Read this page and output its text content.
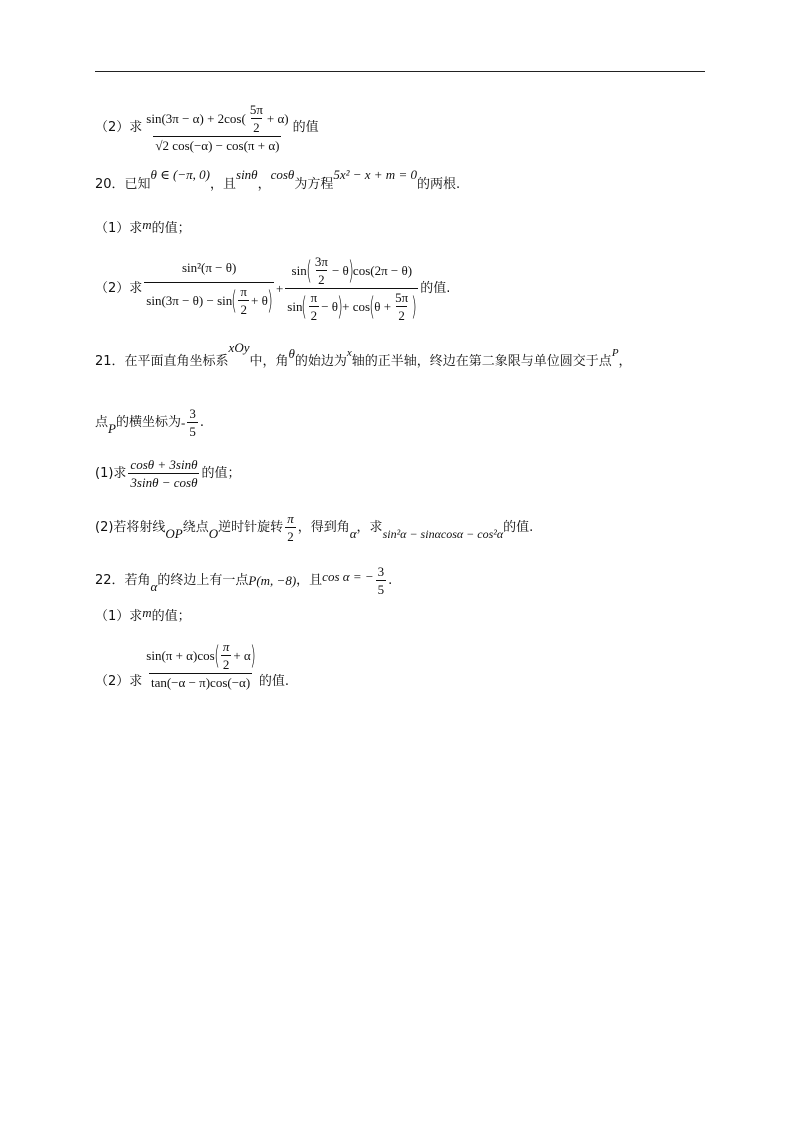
（2）求
$\sin(3\pi - \alpha) + 2\cos( \frac{5\pi}{2} + \alpha)$
√2 cos(−α) − cos(π + α)
的值
20．已知
θ ∈ (−π, 0)
，且
sinθ
，
cosθ
为方程
5x² − x + m = 0
的两根.
（1）求 m 的值；
（2）求
sin²(π − θ)
sin(3π − θ) − sin ( $\frac{\pi}{2} + \theta$ ) +
sin ( $\frac{3\pi}{2} - \theta$ ) cos(2π − θ)
sin ( $\frac{\pi}{2} - \theta$ ) + cos ( $\theta + \frac{5\pi}{2}$ )
的值.
21．在平面直角坐标系
xOy
中，角
θ
的始边为
x
轴的正半轴，终边在第二象限与单位圆交于点
P
，
点 P 的横坐标为 - $\frac{3}{5}$ .
(1)求 $\frac{\cos\theta + 3\sin\theta}{3\sin\theta - \cos\theta}$ 的值；
(2)若将射线 OP 绕点 O 逆时针旋转 $\frac{\pi}{2}$ ，得到角 α ，求 sin²α − sinαcosα − cos²α 的值.
22．若角 α 的终边上有一点 P(m, −8) ，且 cos α = − $\frac{3}{5}$ .
（1）求 m 的值；
（2）求
sin(π + α)cos ( $\frac{\pi}{2} + \alpha$ )
tan(−α − π)cos(−α) 的值.
